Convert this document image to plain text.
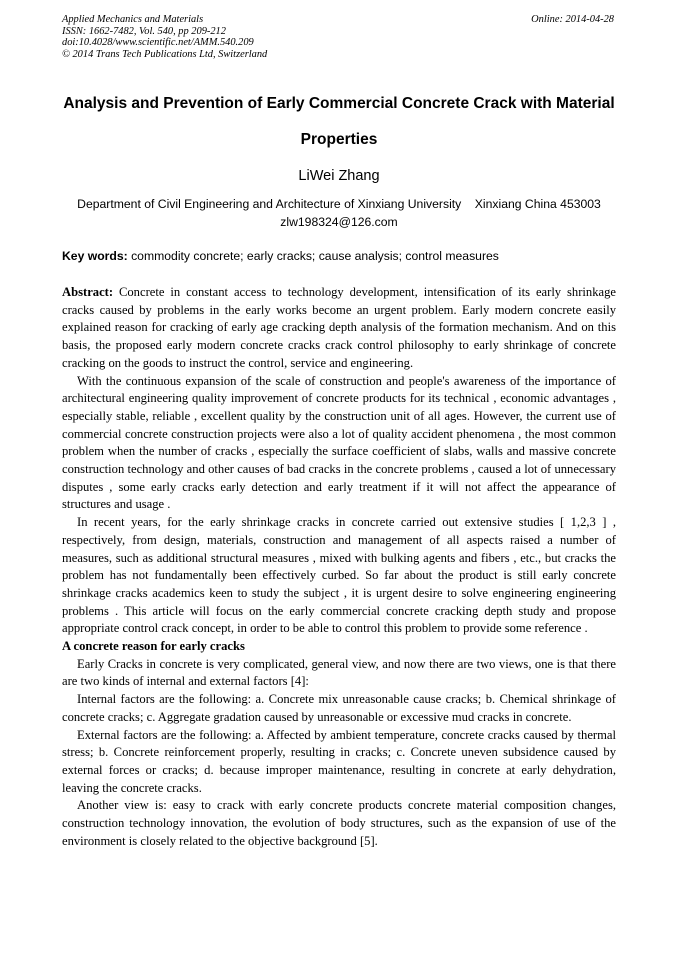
Applied Mechanics and Materials
ISSN: 1662-7482, Vol. 540, pp 209-212
doi:10.4028/www.scientific.net/AMM.540.209
© 2014 Trans Tech Publications Ltd, Switzerland
Online: 2014-04-28
Analysis and Prevention of Early Commercial Concrete Crack with Material Properties
LiWei Zhang
Department of Civil Engineering and Architecture of Xinxiang University    Xinxiang China 453003
zlw198324@126.com
Key words: commodity concrete; early cracks; cause analysis; control measures

Abstract: Concrete in constant access to technology development, intensification of its early shrinkage cracks caused by problems in the early works become an urgent problem. Early modern concrete easily explained reason for cracking of early age cracking depth analysis of the formation mechanism. And on this basis, the proposed early modern concrete cracks crack control philosophy to early shrinkage of concrete cracking on the goods to instruct the control, service and engineering.

With the continuous expansion of the scale of construction and people's awareness of the importance of architectural engineering quality improvement of concrete products for its technical , economic advantages , especially stable, reliable , excellent quality by the construction unit of all ages. However, the current use of commercial concrete construction projects were also a lot of quality accident phenomena , the most common problem when the number of cracks , especially the surface coefficient of slabs, walls and massive concrete construction technology and other causes of bad cracks in the concrete problems , caused a lot of unnecessary disputes , some early cracks early detection and early treatment if it will not affect the appearance of structures and usage .

In recent years, for the early shrinkage cracks in concrete carried out extensive studies [ 1,2,3 ] , respectively, from design, materials, construction and management of all aspects raised a number of measures, such as additional structural measures , mixed with bulking agents and fibers , etc., but cracks the problem has not fundamentally been effectively curbed. So far about the product is still early concrete shrinkage cracks academics keen to study the subject , it is urgent desire to solve engineering engineering problems . This article will focus on the early commercial concrete cracking depth study and propose appropriate control crack concept, in order to be able to control this problem to provide some reference .

A concrete reason for early cracks

Early Cracks in concrete is very complicated, general view, and now there are two views, one is that there are two kinds of internal and external factors [4]:

Internal factors are the following: a. Concrete mix unreasonable cause cracks; b. Chemical shrinkage of concrete cracks; c. Aggregate gradation caused by unreasonable or excessive mud cracks in concrete.

External factors are the following: a. Affected by ambient temperature, concrete cracks caused by thermal stress; b. Concrete reinforcement properly, resulting in cracks; c. Concrete uneven subsidence caused by external forces or cracks; d. because improper maintenance, resulting in concrete at early dehydration, leaving the concrete cracks.

Another view is: easy to crack with early concrete products concrete material composition changes, construction technology innovation, the evolution of body structures, such as the expansion of use of the environment is closely related to the objective background [5].
